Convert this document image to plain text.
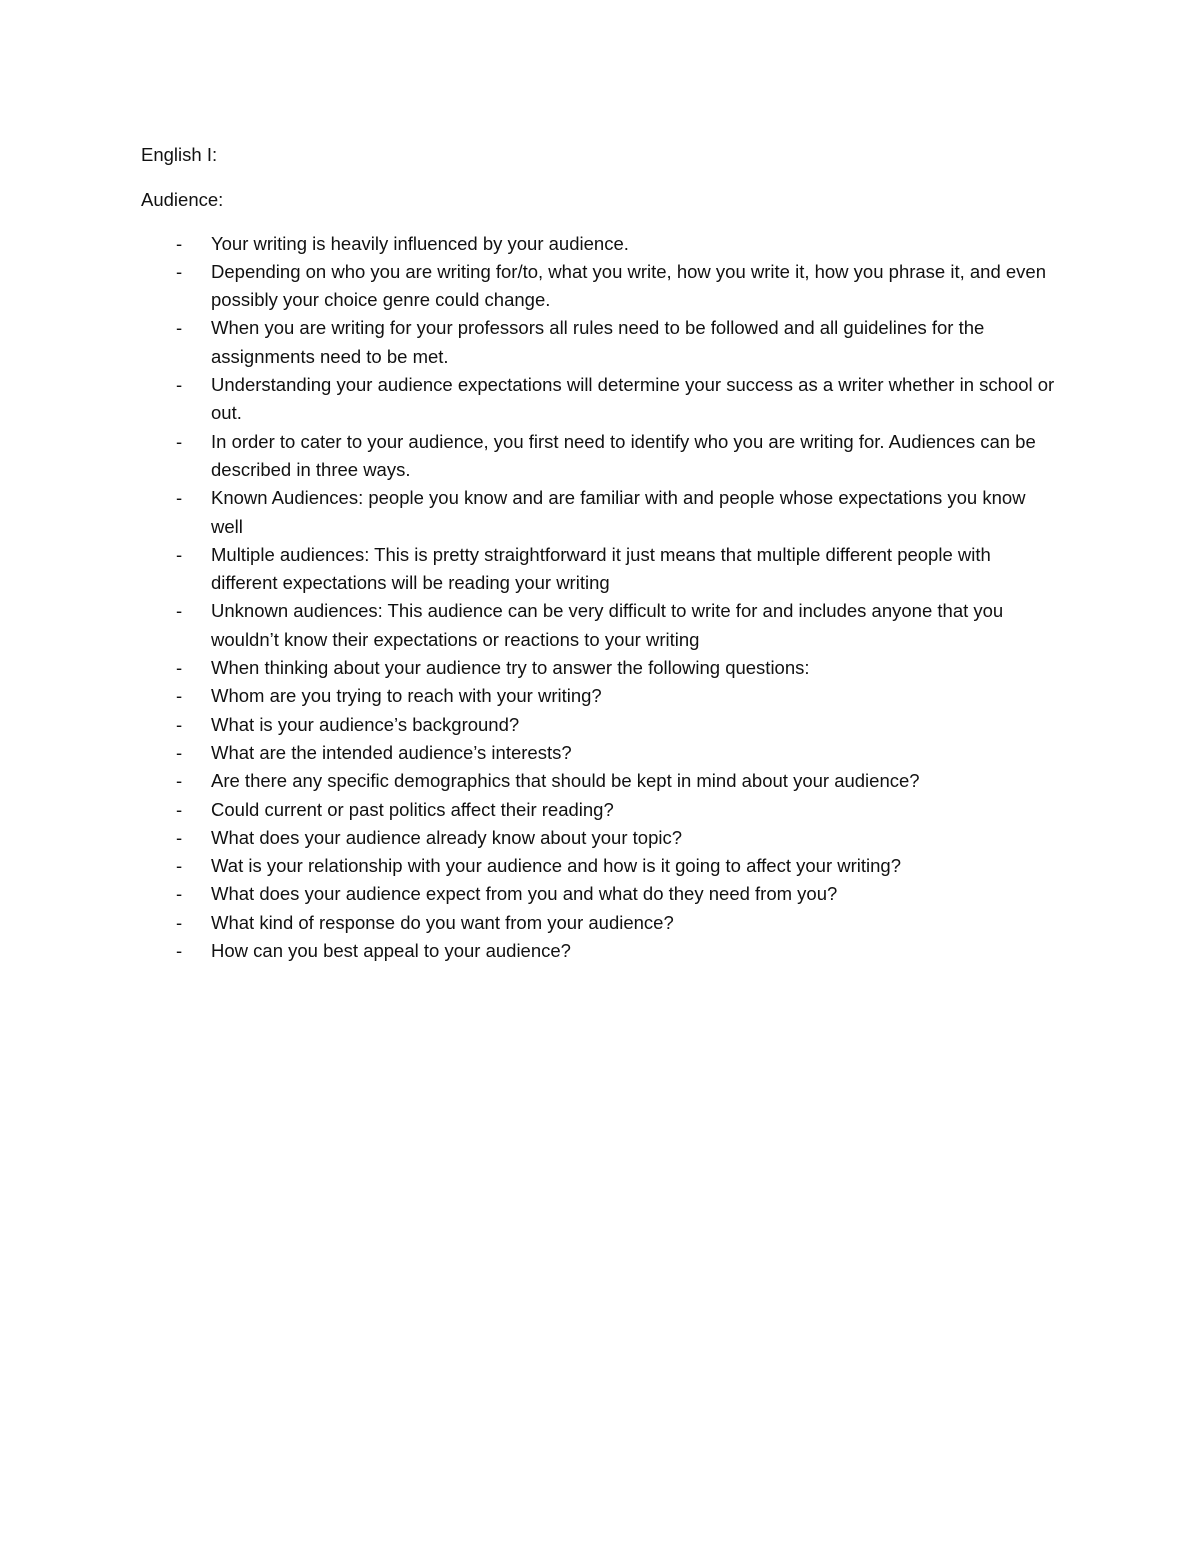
English I:

Audience:

-	Your writing is heavily influenced by your audience.
-	Depending on who you are writing for/to, what you write, how you write it, how you phrase it, and even possibly your choice genre could change.
-	When you are writing for your professors all rules need to be followed and all guidelines for the assignments need to be met.
-	Understanding your audience expectations will determine your success as a writer whether in school or out.
-	In order to cater to your audience, you first need to identify who you are writing for. Audiences can be described in three ways.
-	Known Audiences: people you know and are familiar with and people whose expectations you know well
-	Multiple audiences: This is pretty straightforward it just means that multiple different people with different expectations will be reading your writing
-	Unknown audiences: This audience can be very difficult to write for and includes anyone that you wouldn’t know their expectations or reactions to your writing
-	When thinking about your audience try to answer the following questions:
-	Whom are you trying to reach with your writing?
-	What is your audience’s background?
-	What are the intended audience’s interests?
-	Are there any specific demographics that should be kept in mind about your audience?
-	Could current or past politics affect their reading?
-	What does your audience already know about your topic?
-	Wat is your relationship with your audience and how is it going to affect your writing?
-	What does your audience expect from you and what do they need from you?
-	What kind of response do you want from your audience?
-	How can you best appeal to your audience?
